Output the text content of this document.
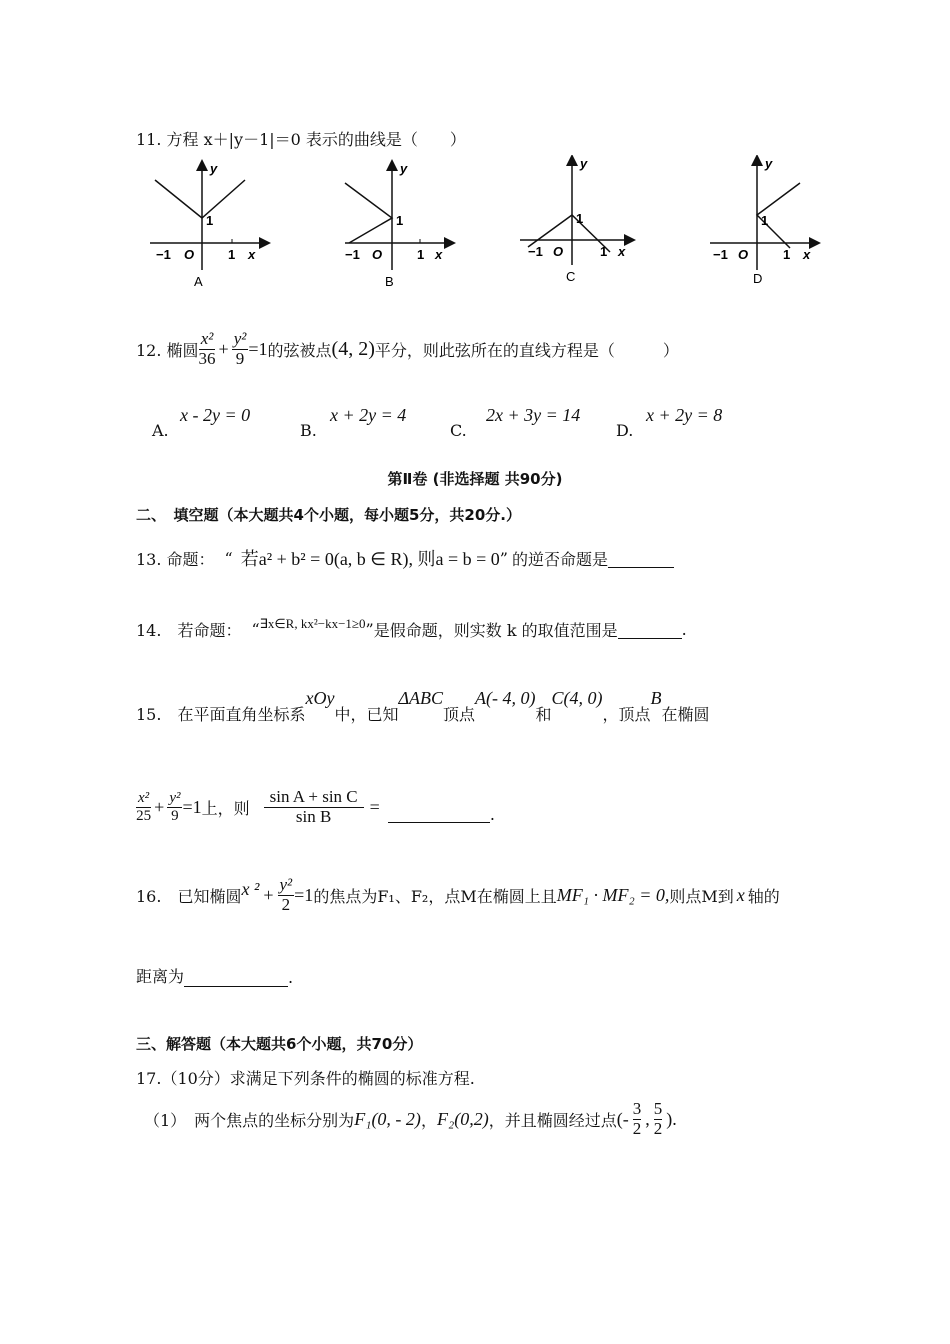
11. 方程 x＋|y－1|＝0 表示的曲线是（　　）
y
1
−1 O	1 x
A
y
1
−1 O	1 x
B
y
1
−1 O	1 x
C
y
1
−1 O	1 x
D
12. 椭圆 $\frac{\text{x²}}{36} + \frac{\text{y²}}{9} =1$ 的弦被点 (4, 2) 平分，则此弦所在的直线方程是（　　　）
A.
x - 2y = 0
B.
x + 2y = 4
C.
2x + 3y = 14
D.
x + 2y = 8
第Ⅱ卷 (非选择题 共90分)
二、　填空题（本大题共4个小题，每小题5分，共20分.）
13. 命题： “ 若a² + b² = 0(a, b ∈ R), 则a = b = 0 ” 的逆否命题是
14.　若命题： “ ∃x∈R, kx²−kx−1≥0 ” 是假命题，则实数 k 的取值范围是	.
15.　在平面直角坐标系
xOy
中，已知
ΔABC
顶点
A(- 4, 0)
和
C(4, 0)
，顶点
B
在椭圆
$\frac{\text{x²}}{25} + \frac{\text{y²}}{9} =1$ 上，则 $\frac{\text{sin A + sin C}}{\text{sin B}}$ =	.
16.　已知椭圆 x $^2 + \frac{\text{y²}}{2} =1$ 的焦点为F₁、F₂，点M在椭圆上且 MF₁ · MF₂ = 0, 则点M到 x 轴的
距离为	.
三、解答题（本大题共6个小题，共70分）
17.（10分）求满足下列条件的椭圆的标准方程.
（1）　两个焦点的坐标分别为 F₁(0, - 2) ， F₂(0,2) ，并且椭圆经过点 (- $\frac{3}{2}$ , $\frac{5}{2}$ ).
